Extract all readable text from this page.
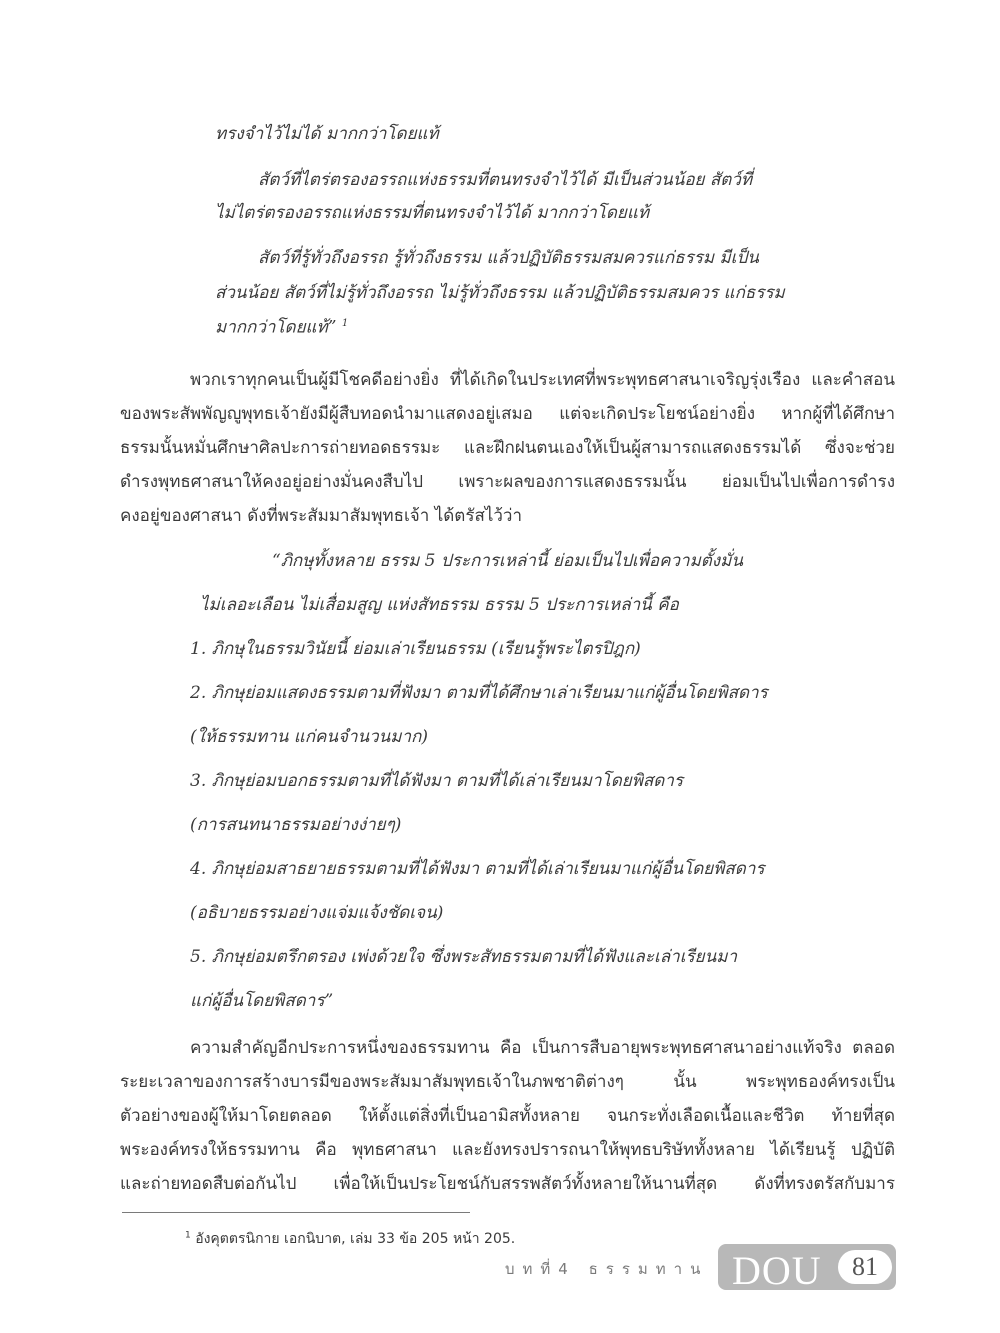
ทรงจำไว้ไม่ได้ มากกว่าโดยแท้
สัตว์ที่ไตร่ตรองอรรถแห่งธรรมที่ตนทรงจำไว้ได้ มีเป็นส่วนน้อย สัตว์ที่
ไม่ไตร่ตรองอรรถแห่งธรรมที่ตนทรงจำไว้ได้ มากกว่าโดยแท้
สัตว์ที่รู้ทั่วถึงอรรถ รู้ทั่วถึงธรรม แล้วปฏิบัติธรรมสมควรแก่ธรรม มีเป็น
ส่วนน้อย สัตว์ที่ไม่รู้ทั่วถึงอรรถ ไม่รู้ทั่วถึงธรรม แล้วปฏิบัติธรรมสมควร แก่ธรรม
มากกว่าโดยแท้” $^1$
พวกเราทุกคนเป็นผู้มีโชคดีอย่างยิ่ง ที่ได้เกิดในประเทศที่พระพุทธศาสนาเจริญรุ่งเรือง และคำสอน
ของพระสัพพัญญูพุทธเจ้ายังมีผู้สืบทอดนำมาแสดงอยู่เสมอ แต่จะเกิดประโยชน์อย่างยิ่ง หากผู้ที่ได้ศึกษา
ธรรมนั้นหมั่นศึกษาศิลปะการถ่ายทอดธรรมะ และฝึกฝนตนเองให้เป็นผู้สามารถแสดงธรรมได้ ซึ่งจะช่วย
ดำรงพุทธศาสนาให้คงอยู่อย่างมั่นคงสืบไป เพราะผลของการแสดงธรรมนั้น ย่อมเป็นไปเพื่อการดำรง
คงอยู่ของศาสนา ดังที่พระสัมมาสัมพุทธเจ้า ได้ตรัสไว้ว่า
“ภิกษุทั้งหลาย ธรรม 5 ประการเหล่านี้ ย่อมเป็นไปเพื่อความตั้งมั่น
ไม่เลอะเลือน ไม่เสื่อมสูญ แห่งสัทธรรม ธรรม 5 ประการเหล่านี้ คือ
1. ภิกษุในธรรมวินัยนี้ ย่อมเล่าเรียนธรรม (เรียนรู้พระไตรปิฎก)
2. ภิกษุย่อมแสดงธรรมตามที่ฟังมา ตามที่ได้ศึกษาเล่าเรียนมาแก่ผู้อื่นโดยพิสดาร
(ให้ธรรมทาน แก่คนจำนวนมาก)
3. ภิกษุย่อมบอกธรรมตามที่ได้ฟังมา ตามที่ได้เล่าเรียนมาโดยพิสดาร
(การสนทนาธรรมอย่างง่ายๆ)
4. ภิกษุย่อมสาธยายธรรมตามที่ได้ฟังมา ตามที่ได้เล่าเรียนมาแก่ผู้อื่นโดยพิสดาร
(อธิบายธรรมอย่างแจ่มแจ้งชัดเจน)
5. ภิกษุย่อมตรึกตรอง เพ่งด้วยใจ ซึ่งพระสัทธรรมตามที่ได้ฟังและเล่าเรียนมา
แก่ผู้อื่นโดยพิสดาร”
ความสำคัญอีกประการหนึ่งของธรรมทาน คือ เป็นการสืบอายุพระพุทธศาสนาอย่างแท้จริง ตลอด
ระยะเวลาของการสร้างบารมีของพระสัมมาสัมพุทธเจ้าในภพชาติต่างๆ นั้น พระพุทธองค์ทรงเป็น
ตัวอย่างของผู้ให้มาโดยตลอด ให้ตั้งแต่สิ่งที่เป็นอามิสทั้งหลาย จนกระทั่งเลือดเนื้อและชีวิต ท้ายที่สุด
พระองค์ทรงให้ธรรมทาน คือ พุทธศาสนา และยังทรงปรารถนาให้พุทธบริษัททั้งหลาย ได้เรียนรู้ ปฏิบัติ
และถ่ายทอดสืบต่อกันไป เพื่อให้เป็นประโยชน์กับสรรพสัตว์ทั้งหลายให้นานที่สุด ดังที่ทรงตรัสกับมาร
$^1$ อังคุตตรนิกาย เอกนิบาต, เล่ม 33 ข้อ 205 หน้า 205.
บทที่4 ธรรมทาน DOU	81
